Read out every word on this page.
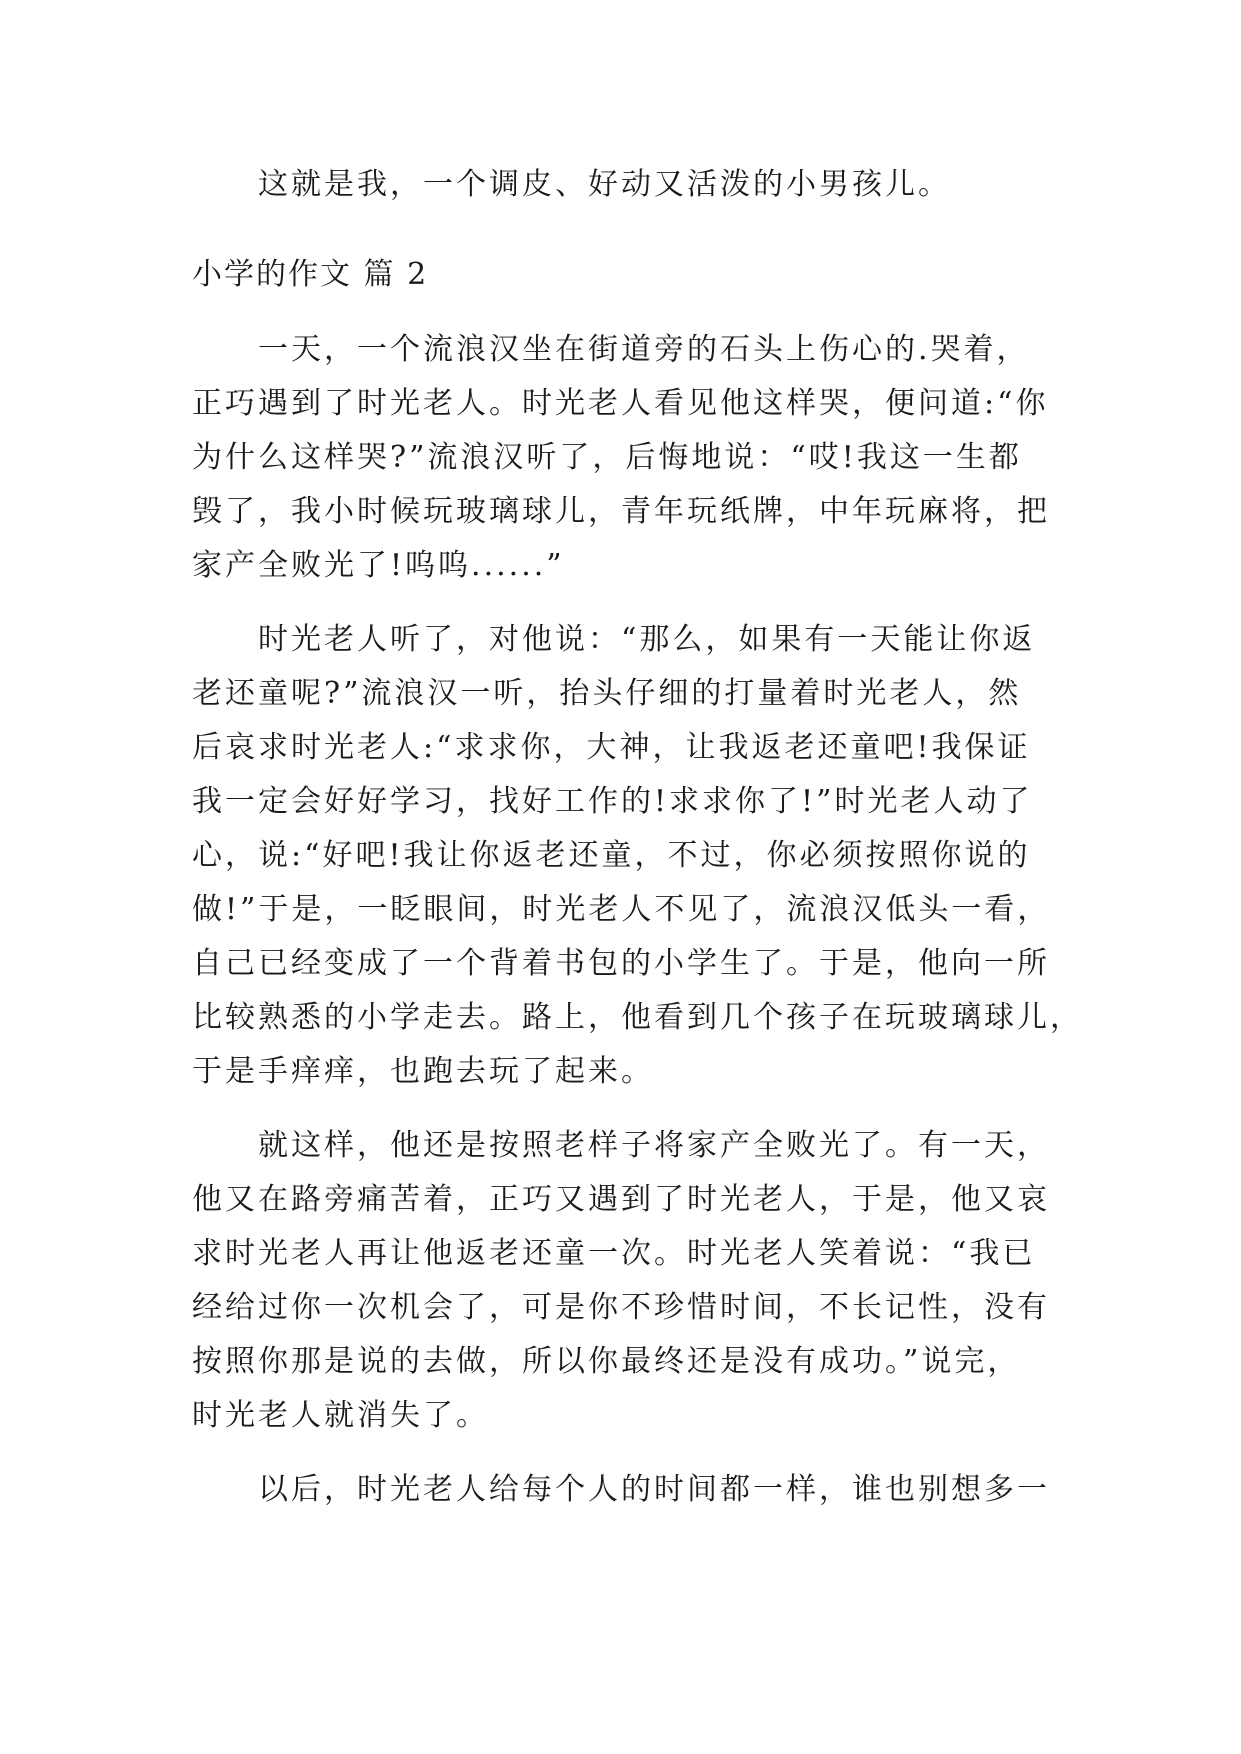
这就是我，一个调皮、好动又活泼的小男孩儿。
小学的作文 篇 2
一天，一个流浪汉坐在街道旁的石头上伤心的.哭着，
正巧遇到了时光老人。时光老人看见他这样哭，便问道:“你
为什么这样哭?”流浪汉听了，后悔地说：“哎!我这一生都
毁了，我小时候玩玻璃球儿，青年玩纸牌，中年玩麻将，把
家产全败光了!呜呜......”
时光老人听了，对他说：“那么，如果有一天能让你返
老还童呢?”流浪汉一听，抬头仔细的打量着时光老人，然
后哀求时光老人:“求求你，大神，让我返老还童吧!我保证
我一定会好好学习，找好工作的!求求你了!”时光老人动了
心，说:“好吧!我让你返老还童，不过，你必须按照你说的
做!”于是，一眨眼间，时光老人不见了，流浪汉低头一看，
自己已经变成了一个背着书包的小学生了。于是，他向一所
比较熟悉的小学走去。路上，他看到几个孩子在玩玻璃球儿，
于是手痒痒，也跑去玩了起来。
就这样，他还是按照老样子将家产全败光了。有一天，
他又在路旁痛苦着，正巧又遇到了时光老人，于是，他又哀
求时光老人再让他返老还童一次。时光老人笑着说：“我已
经给过你一次机会了，可是你不珍惜时间，不长记性，没有
按照你那是说的去做，所以你最终还是没有成功。”说完，
时光老人就消失了。
以后，时光老人给每个人的时间都一样，谁也别想多一
